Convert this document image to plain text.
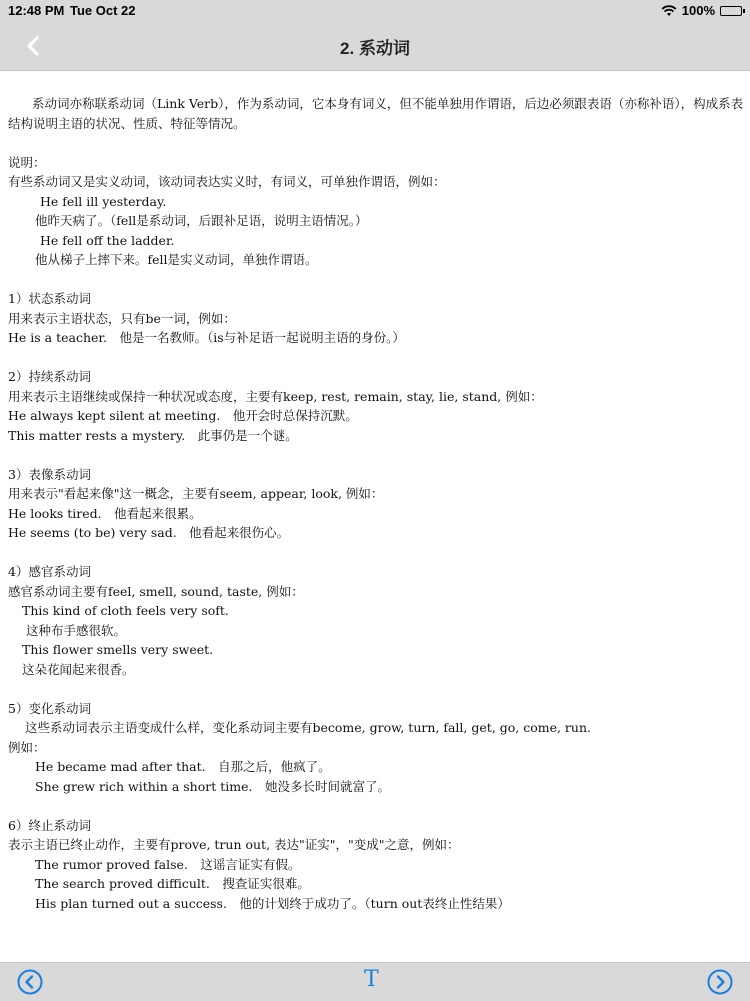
12:48 PM Tue Oct 22	100%
2. 系动词

系动词亦称联系动词（Link Verb），作为系动词，它本身有词义，但不能单独用作谓语，后边必须跟表语（亦称补语），构成系表结构说明主语的状况、性质、特征等情况。

说明：

有些系动词又是实义动词，该动词表达实义时，有词义，可单独作谓语，例如：

He fell ill yesterday.

他昨天病了。（fell是系动词，后跟补足语，说明主语情况。）

He fell off the ladder.

他从梯子上摔下来。fell是实义动词，单独作谓语。

1）状态系动词

用来表示主语状态，只有be一词，例如：

He is a teacher.　他是一名教师。（is与补足语一起说明主语的身份。）

2）持续系动词

用来表示主语继续或保持一种状况或态度，主要有keep, rest, remain, stay, lie, stand, 例如：

He always kept silent at meeting.　他开会时总保持沉默。

This matter rests a mystery.　此事仍是一个谜。

3）表像系动词

用来表示"看起来像"这一概念，主要有seem, appear, look, 例如：

He looks tired.　他看起来很累。

He seems (to be) very sad.　他看起来很伤心。

4）感官系动词

感官系动词主要有feel, smell, sound, taste, 例如：

This kind of cloth feels very soft.

这种布手感很软。

This flower smells very sweet.

这朵花闻起来很香。

5）变化系动词

这些系动词表示主语变成什么样，变化系动词主要有become, grow, turn, fall, get, go, come, run.

例如：

He became mad after that.　自那之后，他疯了。

She grew rich within a short time.　她没多长时间就富了。

6）终止系动词

表示主语已终止动作，主要有prove, trun out, 表达"证实"，"变成"之意，例如：

The rumor proved false.　这谣言证实有假。

The search proved difficult.　搜查证实很难。

His plan turned out a success.　他的计划终于成功了。（turn out表终止性结果）

T
